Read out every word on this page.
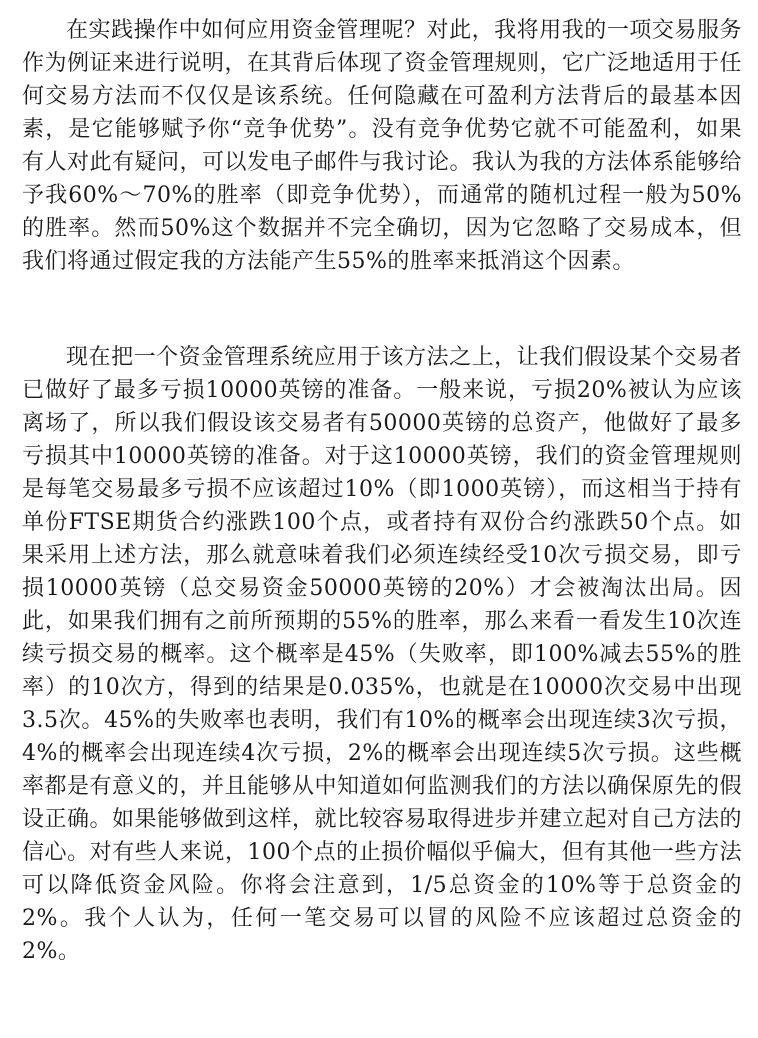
在实践操作中如何应用资金管理呢？对此，我将用我的一项交易服务作为例证来进行说明，在其背后体现了资金管理规则，它广泛地适用于任何交易方法而不仅仅是该系统。任何隐藏在可盈利方法背后的最基本因素，是它能够赋予你“竞争优势”。没有竞争优势它就不可能盈利，如果有人对此有疑问，可以发电子邮件与我讨论。我认为我的方法体系能够给予我60%～70%的胜率（即竞争优势），而通常的随机过程一般为50%的胜率。然而50%这个数据并不完全确切，因为它忽略了交易成本，但我们将通过假定我的方法能产生55%的胜率来抵消这个因素。

现在把一个资金管理系统应用于该方法之上，让我们假设某个交易者已做好了最多亏损10000英镑的准备。一般来说，亏损20%被认为应该离场了，所以我们假设该交易者有50000英镑的总资产，他做好了最多亏损其中10000英镑的准备。对于这10000英镑，我们的资金管理规则是每笔交易最多亏损不应该超过10%（即1000英镑），而这相当于持有单份FTSE期货合约涨跌100个点，或者持有双份合约涨跌50个点。如果采用上述方法，那么就意味着我们必须连续经受10次亏损交易，即亏损10000英镑（总交易资金50000英镑的20%）才会被淘汰出局。因此，如果我们拥有之前所预期的55%的胜率，那么来看一看发生10次连续亏损交易的概率。这个概率是45%（失败率，即100%减去55%的胜率）的10次方，得到的结果是0.035%，也就是在10000次交易中出现3.5次。45%的失败率也表明，我们有10%的概率会出现连续3次亏损，4%的概率会出现连续4次亏损，2%的概率会出现连续5次亏损。这些概率都是有意义的，并且能够从中知道如何监测我们的方法以确保原先的假设正确。如果能够做到这样，就比较容易取得进步并建立起对自己方法的信心。对有些人来说，100个点的止损价幅似乎偏大，但有其他一些方法可以降低资金风险。你将会注意到，1/5总资金的10%等于总资金的2%。我个人认为，任何一笔交易可以冒的风险不应该超过总资金的2%。
